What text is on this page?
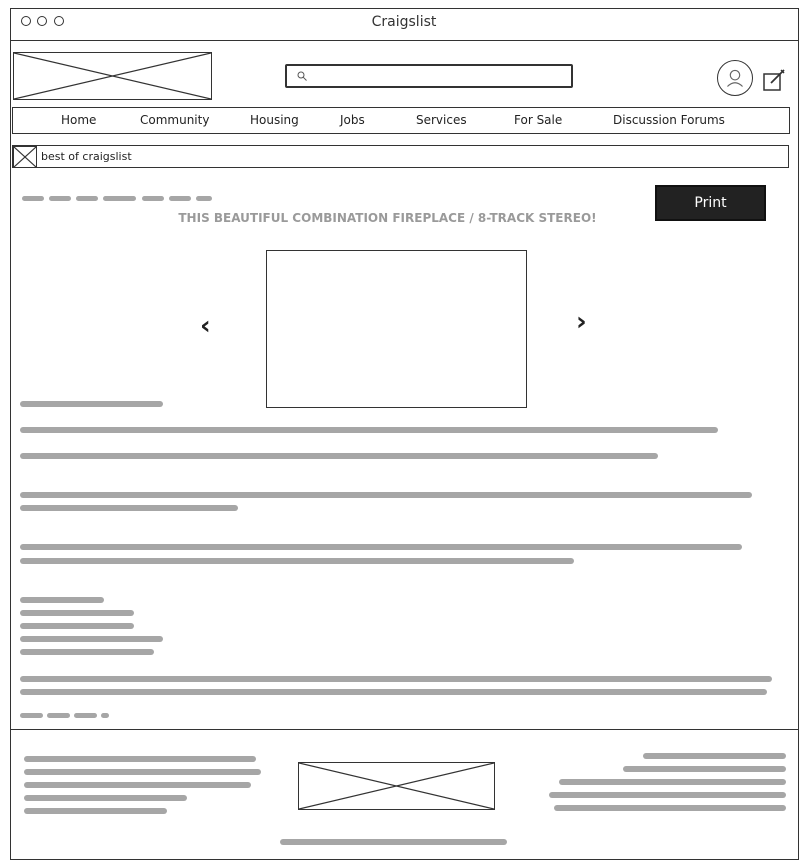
Craigslist
Home	Community	Housing	Jobs	Services	For Sale	Discussion Forums
best of craigslist
Print
THIS BEAUTIFUL COMBINATION FIREPLACE / 8-TRACK STEREO!
‹	›
